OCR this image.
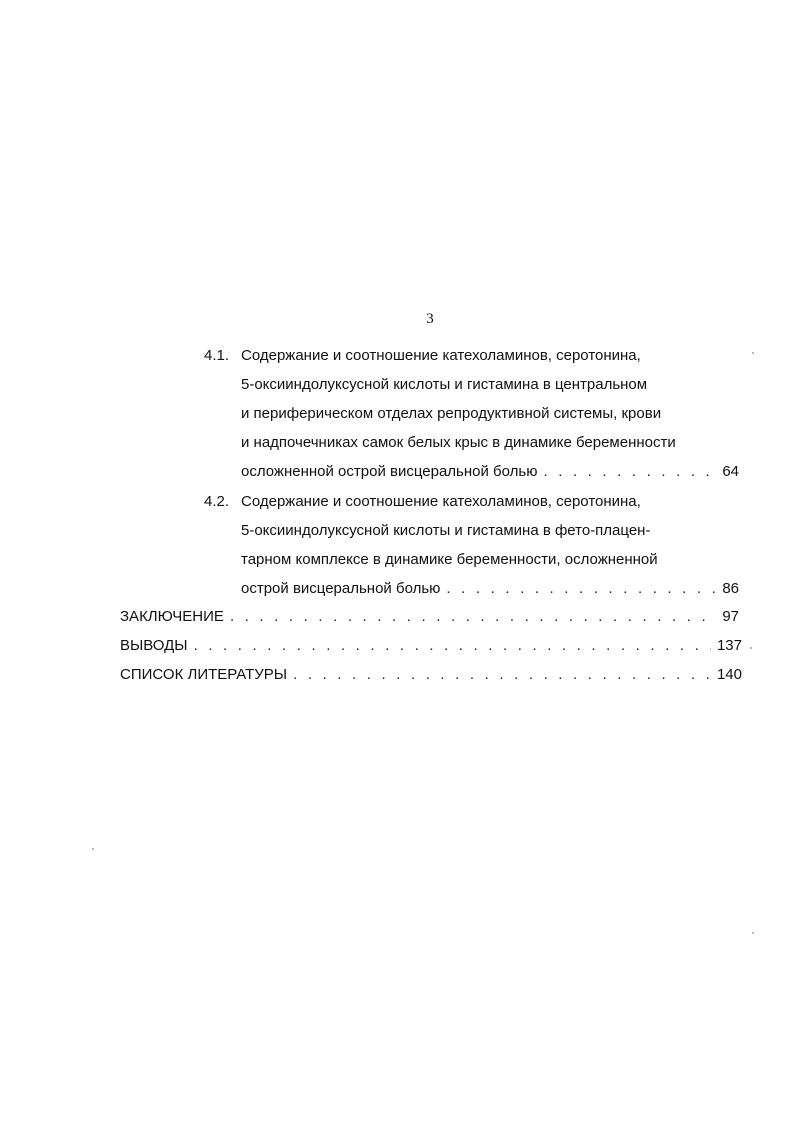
3
4.1. Содержание и соотношение катехоламинов, серотонина,
5-оксииндолуксусной кислоты и гистамина в центральном
и периферическом отделах репродуктивной системы, крови
и надпочечниках самок белых крыс в динамике беременности
осложненной острой висцеральной болью . . .	64
4.2. Содержание и соотношение катехоламинов, серотонина,
5-оксииндолуксусной кислоты и гистамина в фето-плацен-
тарном комплексе в динамике беременности, осложненной
острой висцеральной болью . . .	86
ЗАКЛЮЧЕНИЕ . . .	97
ВЫВОДЫ . . .	137
СПИСОК ЛИТЕРАТУРЫ . . .	140
